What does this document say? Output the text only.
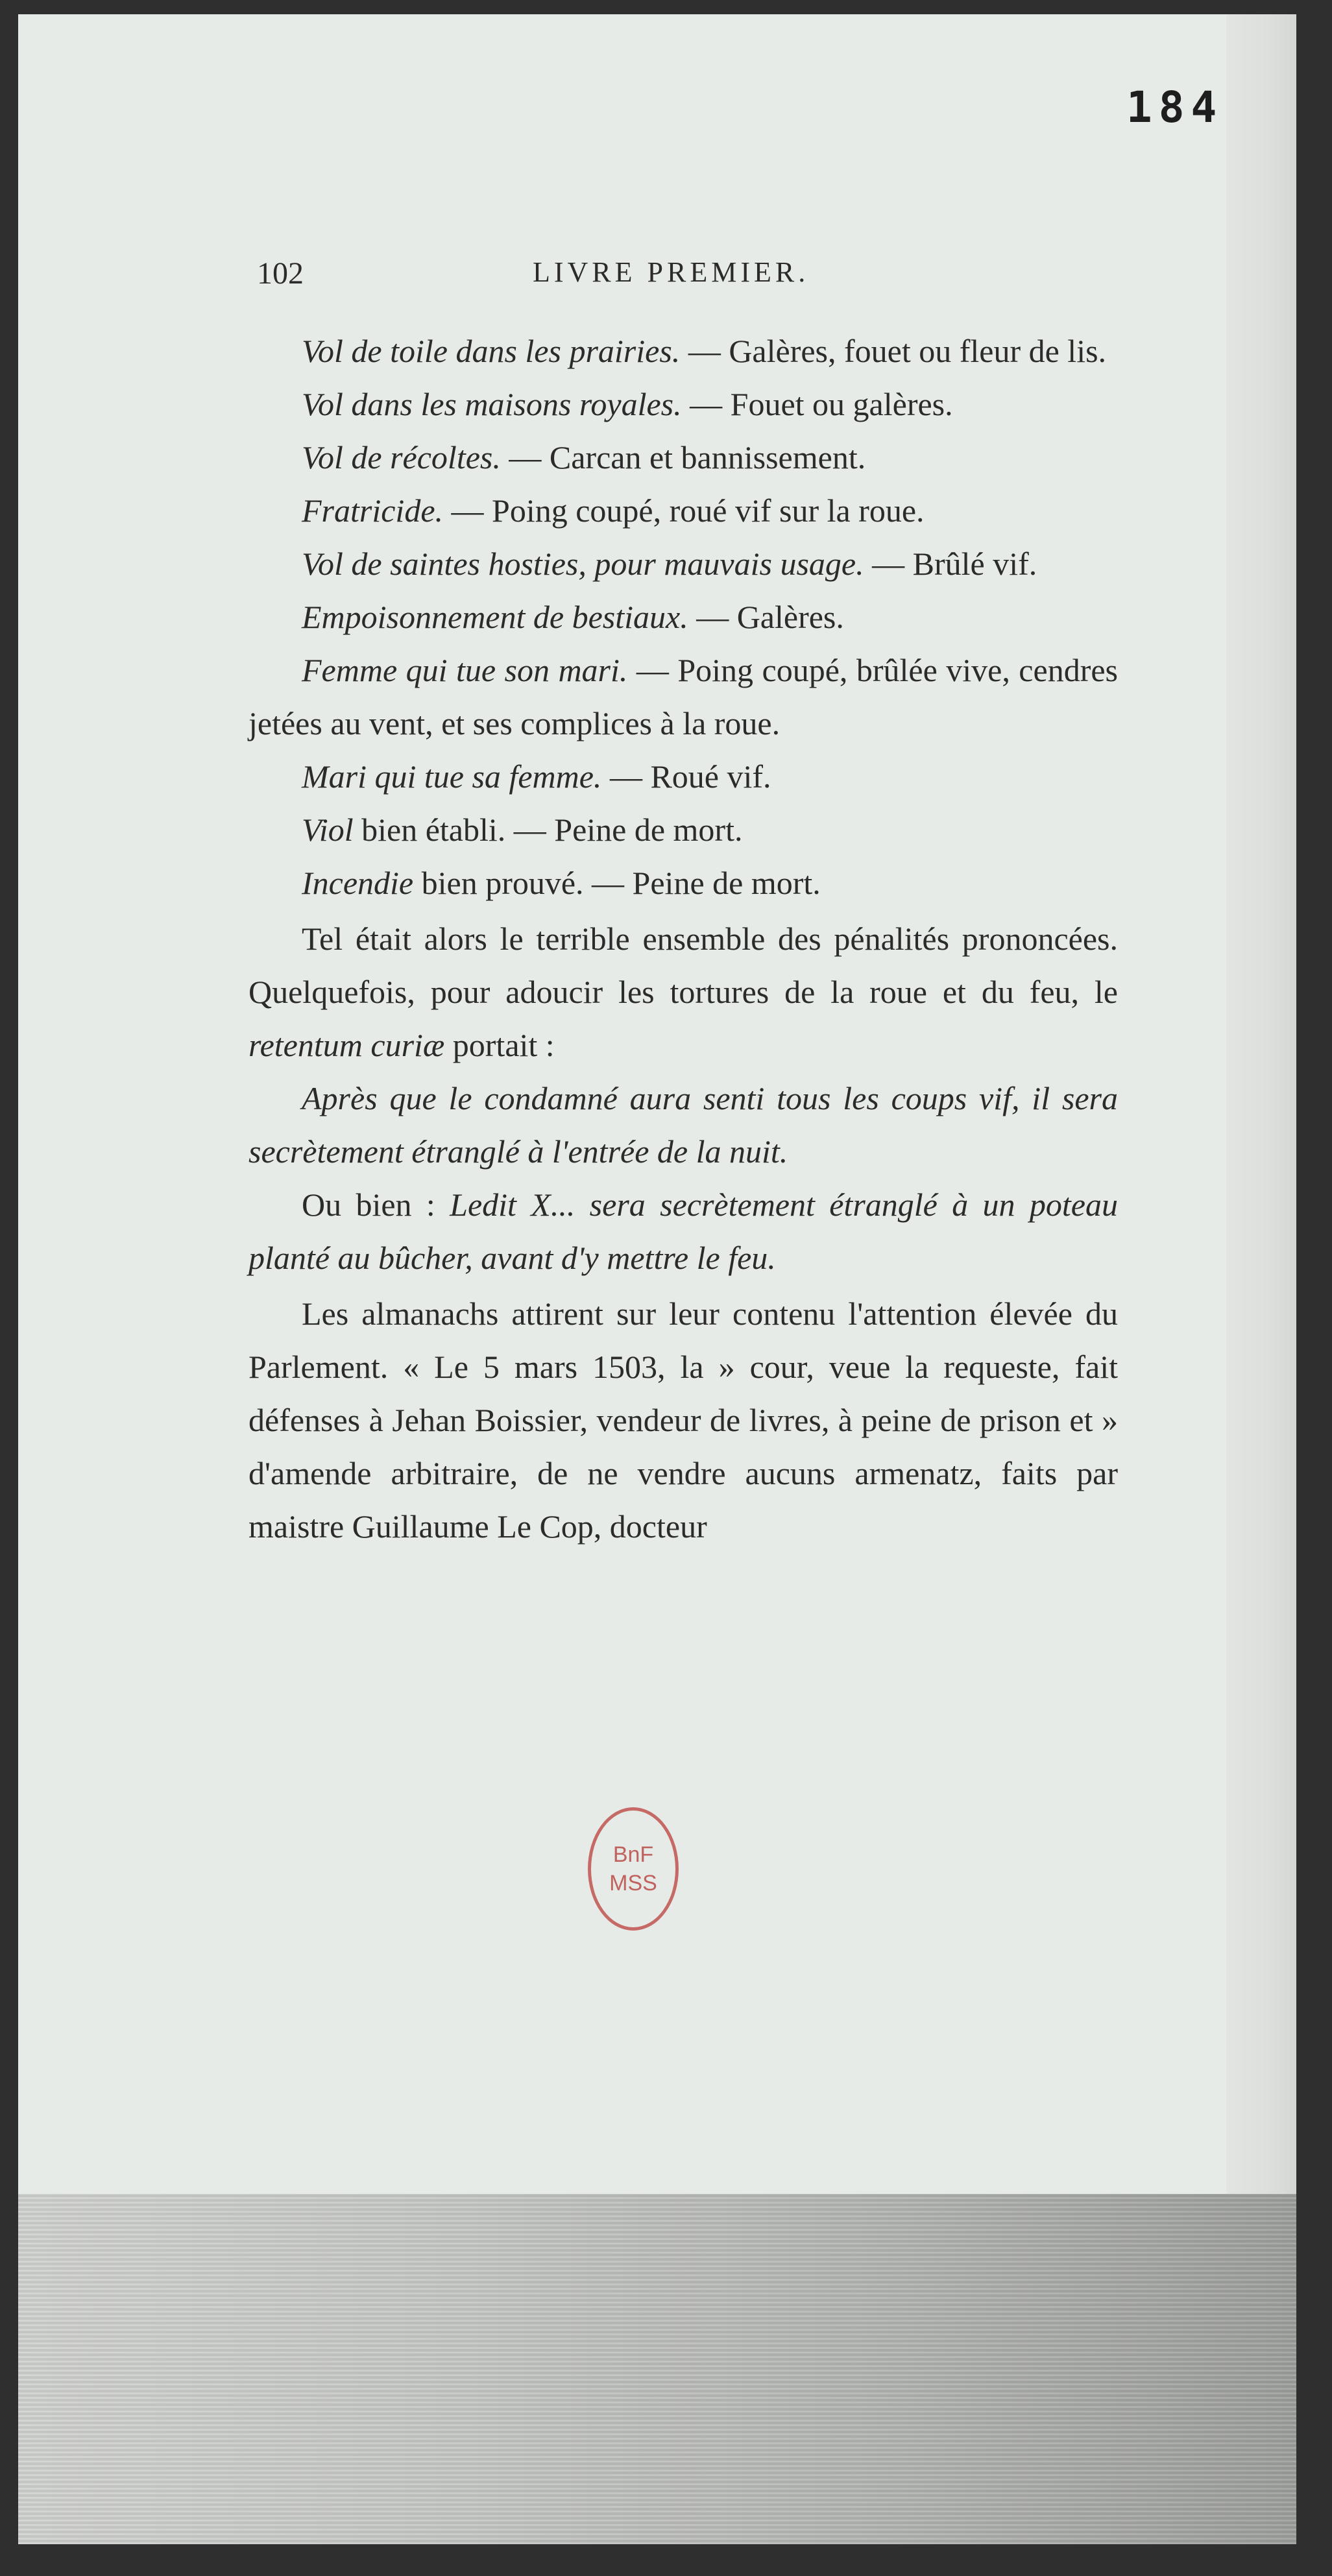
184
102	LIVRE PREMIER.

Vol de toile dans les prairies. — Galères, fouet ou fleur de lis.

Vol dans les maisons royales. — Fouet ou galères.

Vol de récoltes. — Carcan et bannissement.

Fratricide. — Poing coupé, roué vif sur la roue.

Vol de saintes hosties, pour mauvais usage. — Brûlé vif.

Empoisonnement de bestiaux. — Galères.

Femme qui tue son mari. — Poing coupé, brûlée vive, cendres jetées au vent, et ses complices à la roue.

Mari qui tue sa femme. — Roué vif.

Viol bien établi. — Peine de mort.

Incendie bien prouvé. — Peine de mort.

Tel était alors le terrible ensemble des pénalités prononcées. Quelquefois, pour adoucir les tortures de la roue et du feu, le retentum curiæ portait :

Après que le condamné aura senti tous les coups vif, il sera secrètement étranglé à l'entrée de la nuit.

Ou bien : Ledit X... sera secrètement étranglé à un poteau planté au bûcher, avant d'y mettre le feu.

Les almanachs attirent sur leur contenu l'attention élevée du Parlement. « Le 5 mars 1503, la » cour, veue la requeste, fait défenses à Jehan Boissier, vendeur de livres, à peine de prison et » d'amende arbitraire, de ne vendre aucuns armenatz, faits par maistre Guillaume Le Cop, docteur

BnF
MSS
